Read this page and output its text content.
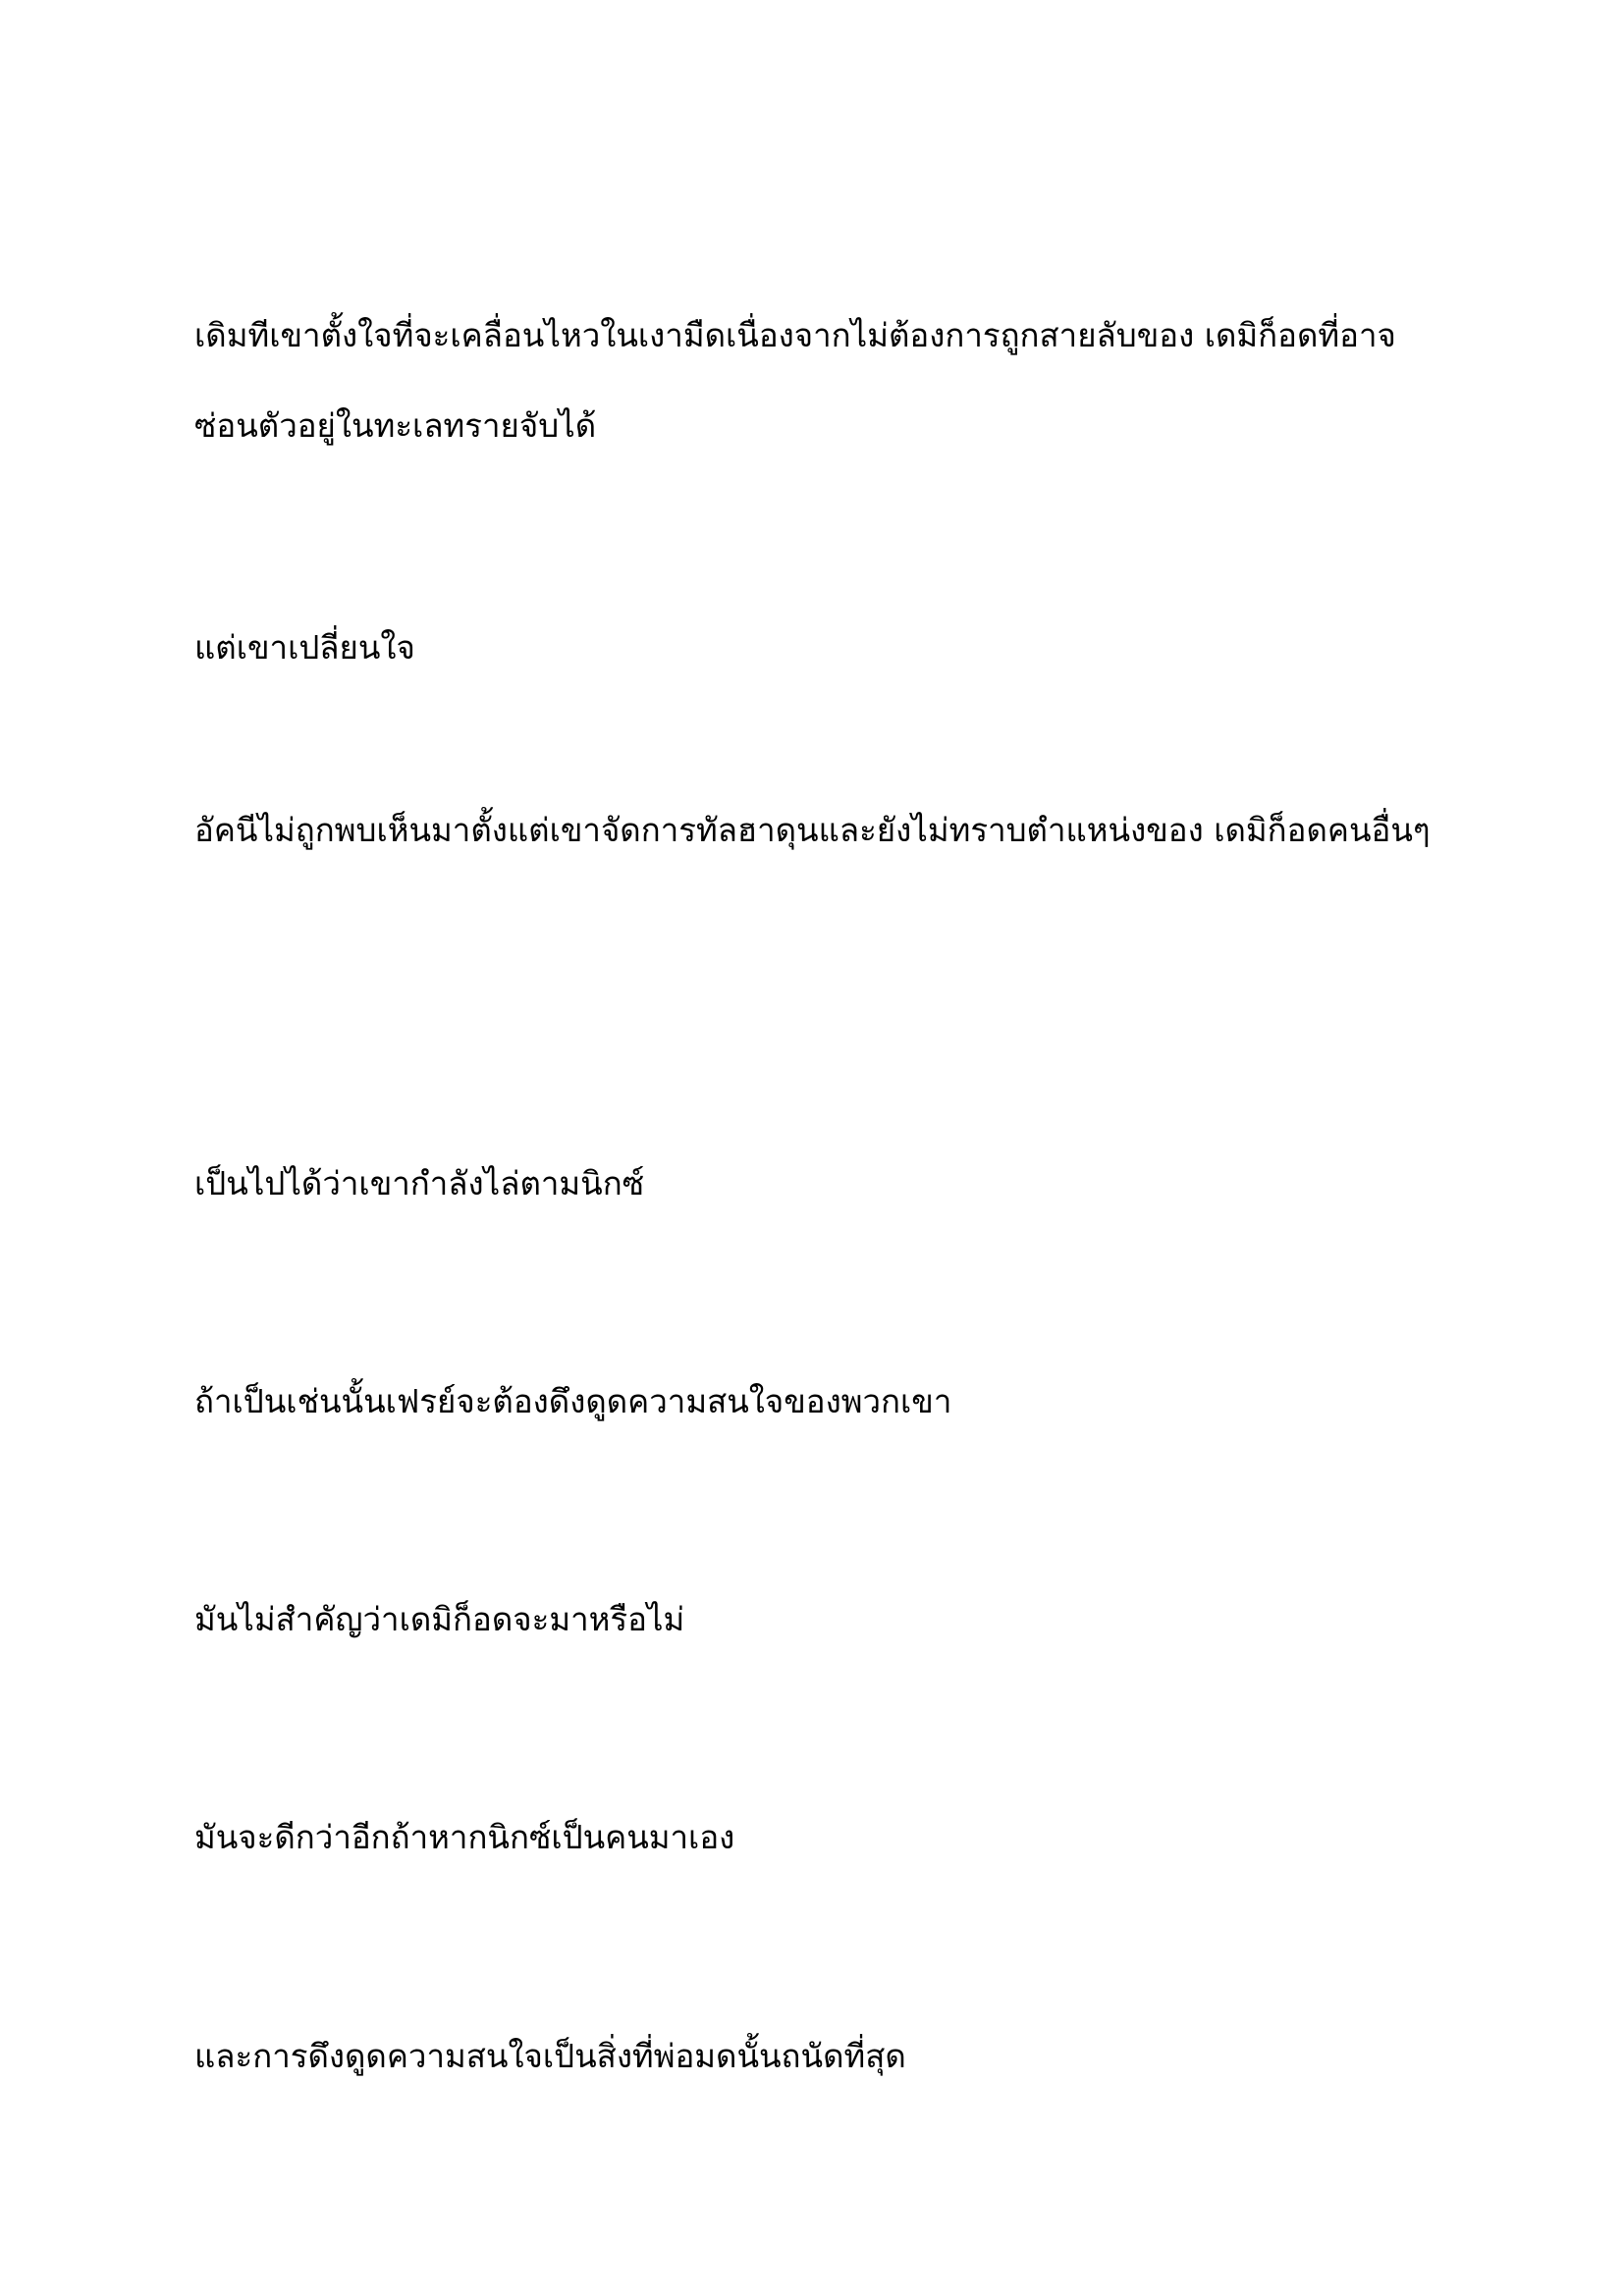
เดิมทีเขาตั้งใจที่จะเคลื่อนไหวในเงามืดเนื่องจากไม่ต้องการถูกสายลับของ เดมิก็อดที่อาจซ่อนตัวอยู่ในทะเลทรายจับได้

แต่เขาเปลี่ยนใจ

อัคนีไม่ถูกพบเห็นมาตั้งแต่เขาจัดการทัลฮาดุนและยังไม่ทราบตำแหน่งของ เดมิก็อดคนอื่นๆ

เป็นไปได้ว่าเขากำลังไล่ตามนิกซ์

ถ้าเป็นเช่นนั้นเฟรย์จะต้องดึงดูดความสนใจของพวกเขา

มันไม่สำคัญว่าเดมิก็อดจะมาหรือไม่

มันจะดีกว่าอีกถ้าหากนิกซ์เป็นคนมาเอง

และการดึงดูดความสนใจเป็นสิ่งที่พ่อมดนั้นถนัดที่สุด
